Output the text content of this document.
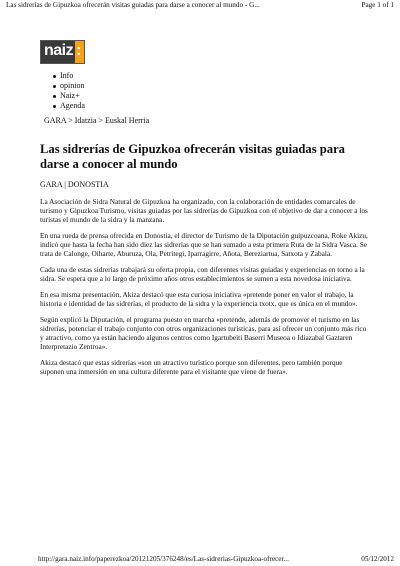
Las sidrerías de Gipuzkoa ofrecerán visitas guiadas para darse a conocer al mundo - G...	Page 1 of 1
naiz :
Info
opinion
Naiz+
Agenda
GARA > Idatzia > Euskal Herria
Las sidrerías de Gipuzkoa ofrecerán visitas guiadas para darse a conocer al mundo
GARA | DONOSTIA

La Asociación de Sidra Natural de Gipuzkoa ha organizado, con la colaboración de entidades comarcales de turismo y Gipuzkoa Turismo, visitas guiadas por las sidrerías de Gipuzkoa con el objetivo de dar a conocer a los turistas el mundo de la sidra y la manzana.

En una rueda de prensa ofrecida en Donostia, el director de Turismo de la Diputación guipuzcoana, Roke Akizu, indicó que hasta la fecha han sido diez las sidrerías que se han sumado a esta primera Ruta de la Sidra Vasca. Se trata de Calonge, Oiharte, Aburuza, Ola, Petritegi, Iparragirre, Añota, Bereziartua, Satxota y Zabala.

Cada una de estas sidrerías trabajará su oferta propia, con diferentes visitas guiadas y experiencias en torno a la sidra. Se espera que a lo largo de próximo años otros establecimientos se sumen a esta novedosa iniciativa.

En esa misma presentación, Akiza destacó que esta curiosa iniciativa «pretende poner en valor el trabajo, la historia e identidad de las sidrerías, el producto de la sidra y la experiencia txotx, que es única en el mundo».

Según explicó la Diputación, el programa puesto en marcha «pretende, además de promover el turismo en las sidrerías, potenciar el trabajo conjunto con otros organizaciones turísticas, para así ofrecer un conjunto más rico y atractivo, como ya están haciendo algunos centros como Igartubeiti Baserri Museoa o Idiazabal Gaztaren Interpretazio Zentroa».

Akiza destacó que estas sidrerías «son un atractivo turístico porque son diferentes, pero también porque suponen una inmersión en una cultura diferente para el visitante que viene de fuera».

http://gara.naiz.info/paperezkoa/20121205/376248/es/Las-sidrerias-Gipuzkoa-ofrecer...	05/12/2012
